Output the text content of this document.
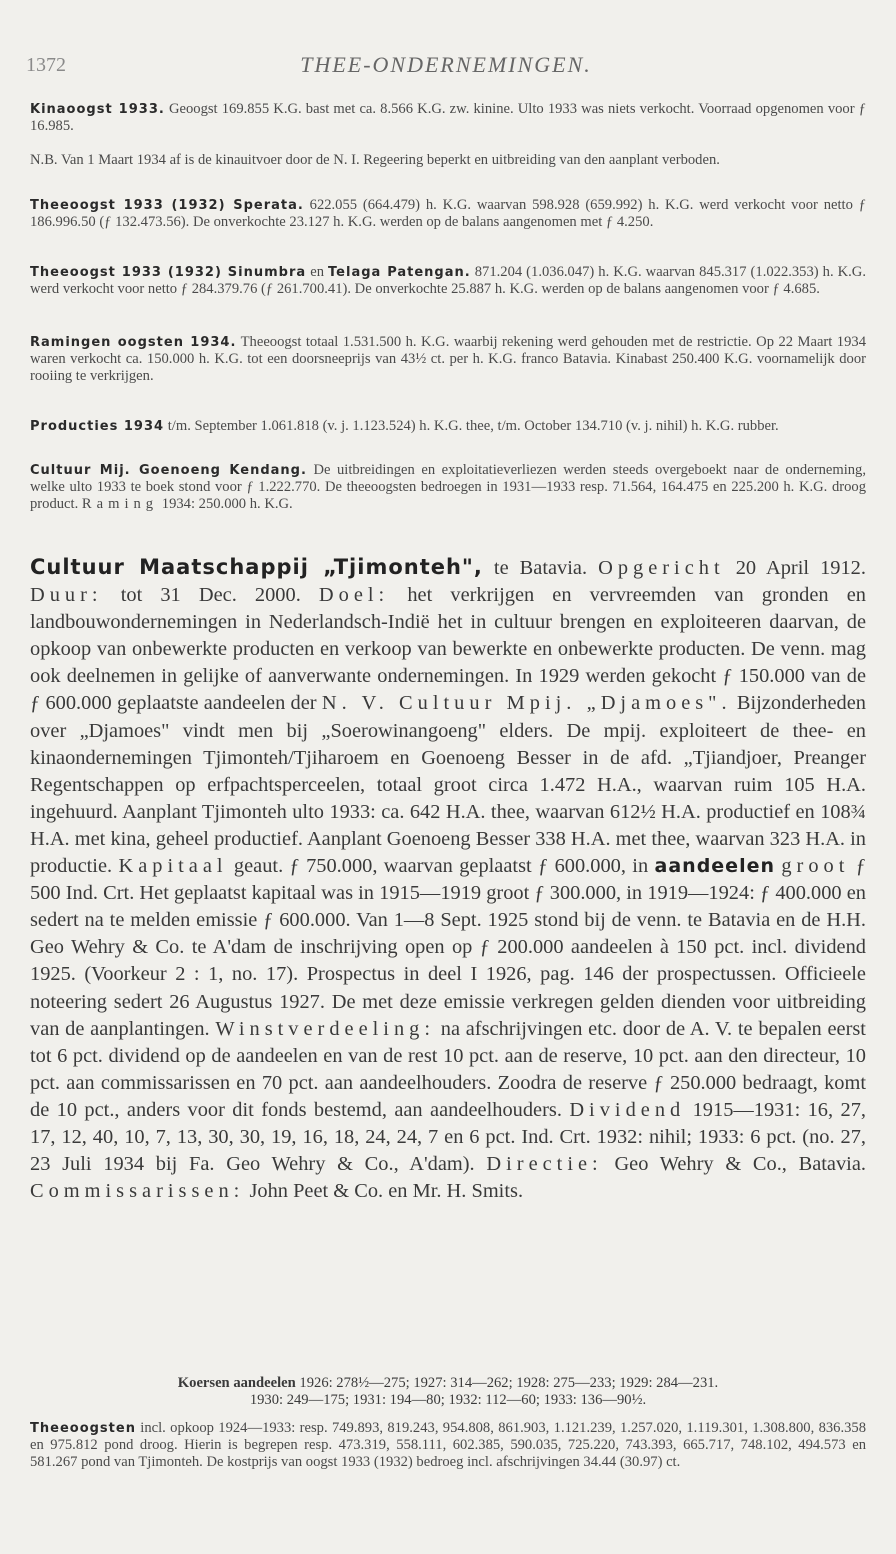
1372	THEE-ONDERNEMINGEN.
Kinaoogst 1933. Geoogst 169.855 K.G. bast met ca. 8.566 K.G. zw. kinine. Ulto 1933 was niets verkocht. Voorraad opgenomen voor ƒ 16.985.
N.B. Van 1 Maart 1934 af is de kinauitvoer door de N. I. Regeering beperkt en uitbreiding van den aanplant verboden.
Theeoogst 1933 (1932) Sperata. 622.055 (664.479) h. K.G. waarvan 598.928 (659.992) h. K.G. werd verkocht voor netto ƒ 186.996.50 (ƒ 132.473.56). De onverkochte 23.127 h. K.G. werden op de balans aangenomen met ƒ 4.250.
Theeoogst 1933 (1932) Sinumbra en Telaga Patengan. 871.204 (1.036.047) h. K.G. waarvan 845.317 (1.022.353) h. K.G. werd verkocht voor netto ƒ 284.379.76 (ƒ 261.700.41). De onverkochte 25.887 h. K.G. werden op de balans aangenomen voor ƒ 4.685.
Ramingen oogsten 1934. Theeoogst totaal 1.531.500 h. K.G. waarbij rekening werd gehouden met de restrictie. Op 22 Maart 1934 waren verkocht ca. 150.000 h. K.G. tot een doorsneeprijs van 43½ ct. per h. K.G. franco Batavia. Kinabast 250.400 K.G. voornamelijk door rooiing te verkrijgen.
Producties 1934 t/m. September 1.061.818 (v. j. 1.123.524) h. K.G. thee, t/m. October 134.710 (v. j. nihil) h. K.G. rubber.
Cultuur Mij. Goenoeng Kendang. De uitbreidingen en exploitatieverliezen werden steeds overgeboekt naar de onderneming, welke ulto 1933 te boek stond voor ƒ 1.222.770. De theeoogsten bedroegen in 1931—1933 resp. 71.564, 164.475 en 225.200 h. K.G. droog product. Raming 1934: 250.000 h. K.G.
Cultuur Maatschappij „Tjimonteh", te Batavia. Opgericht 20 April 1912. Duur: tot 31 Dec. 2000. Doel: het verkrijgen en vervreemden van gronden en landbouwondernemingen in Nederlandsch-Indië het in cultuur brengen en exploiteeren daarvan, de opkoop van onbewerkte producten en verkoop van bewerkte en onbewerkte producten. De venn. mag ook deelnemen in gelijke of aanverwante ondernemingen. In 1929 werden gekocht ƒ 150.000 van de ƒ 600.000 geplaatste aandeelen der N. V. Cultuur Mpij. „Djamoes". Bijzonderheden over „Djamoes" vindt men bij „Soerowinangoeng" elders. De mpij. exploiteert de thee- en kinaondernemingen Tjimonteh/Tjiharoem en Goenoeng Besser in de afd. „Tjiandjoer, Preanger Regentschappen op erfpachtsperceelen, totaal groot circa 1.472 H.A., waarvan ruim 105 H.A. ingehuurd. Aanplant Tjimonteh ulto 1933: ca. 642 H.A. thee, waarvan 612½ H.A. productief en 108¾ H.A. met kina, geheel productief. Aanplant Goenoeng Besser 338 H.A. met thee, waarvan 323 H.A. in productie. Kapitaal geaut. ƒ 750.000, waarvan geplaatst ƒ 600.000, in aandeelen groot ƒ 500 Ind. Crt. Het geplaatst kapitaal was in 1915—1919 groot ƒ 300.000, in 1919—1924: ƒ 400.000 en sedert na te melden emissie ƒ 600.000. Van 1—8 Sept. 1925 stond bij de venn. te Batavia en de H.H. Geo Wehry & Co. te A'dam de inschrijving open op ƒ 200.000 aandeelen à 150 pct. incl. dividend 1925. (Voorkeur 2 : 1, no. 17). Prospectus in deel I 1926, pag. 146 der prospectussen. Officieele noteering sedert 26 Augustus 1927. De met deze emissie verkregen gelden dienden voor uitbreiding van de aanplantingen. Winstverdeeling: na afschrijvingen etc. door de A. V. te bepalen eerst tot 6 pct. dividend op de aandeelen en van de rest 10 pct. aan de reserve, 10 pct. aan den directeur, 10 pct. aan commissarissen en 70 pct. aan aandeelhouders. Zoodra de reserve ƒ 250.000 bedraagt, komt de 10 pct., anders voor dit fonds bestemd, aan aandeelhouders. Dividend 1915—1931: 16, 27, 17, 12, 40, 10, 7, 13, 30, 30, 19, 16, 18, 24, 24, 7 en 6 pct. Ind. Crt. 1932: nihil; 1933: 6 pct. (no. 27, 23 Juli 1934 bij Fa. Geo Wehry & Co., A'dam). Directie: Geo Wehry & Co., Batavia. Commissarissen: John Peet & Co. en Mr. H. Smits.
Koersen aandeelen 1926: 278½—275; 1927: 314—262; 1928: 275—233; 1929: 284—231.
1930: 249—175; 1931: 194—80; 1932: 112—60; 1933: 136—90½.
Theeoogsten incl. opkoop 1924—1933: resp. 749.893, 819.243, 954.808, 861.903, 1.121.239, 1.257.020, 1.119.301, 1.308.800, 836.358 en 975.812 pond droog. Hierin is begrepen resp. 473.319, 558.111, 602.385, 590.035, 725.220, 743.393, 665.717, 748.102, 494.573 en 581.267 pond van Tjimonteh. De kostprijs van oogst 1933 (1932) bedroeg incl. afschrijvingen 34.44 (30.97) ct.
